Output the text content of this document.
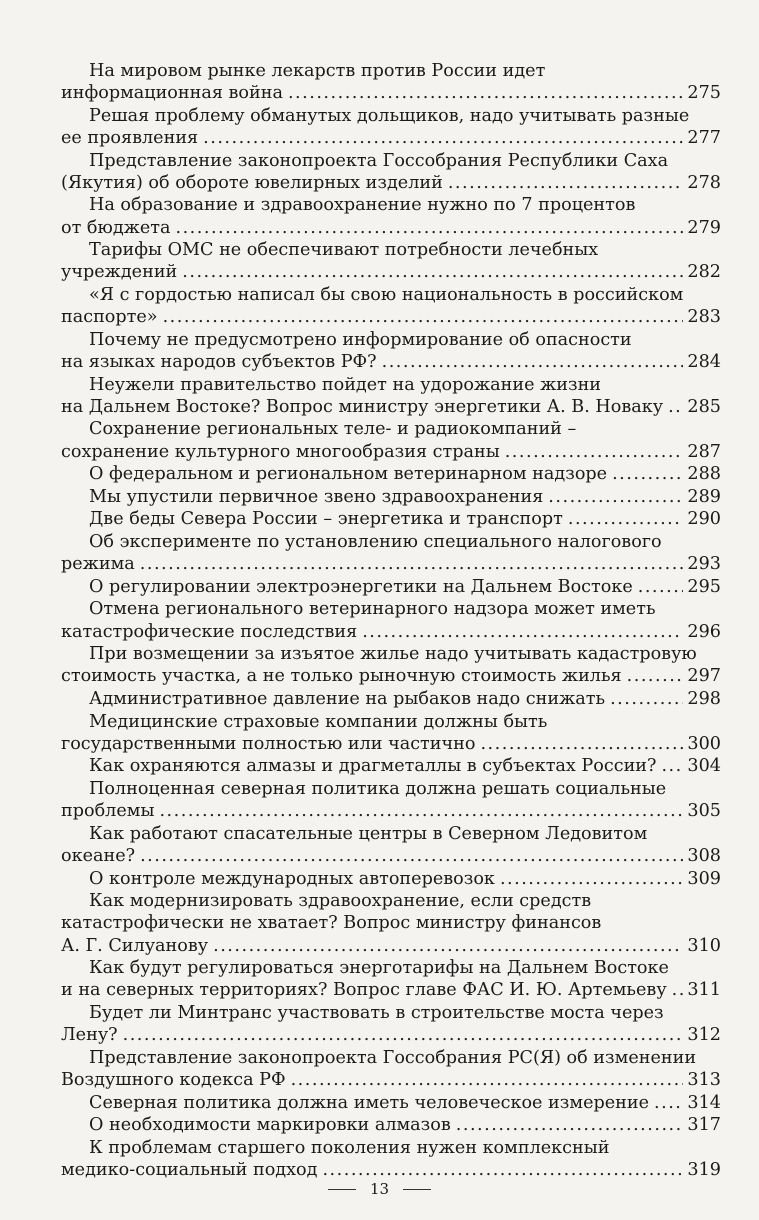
На мировом рынке лекарств против России идет
информационная война .....	275
Решая проблему обманутых дольщиков, надо учитывать разные
ее проявления .....	277
Представление законопроекта Госсобрания Республики Саха
(Якутия) об обороте ювелирных изделий .....	278
На образование и здравоохранение нужно по 7 процентов
от бюджета .....	279
Тарифы ОМС не обеспечивают потребности лечебных
учреждений .....	282
«Я с гордостью написал бы свою национальность в российском
паспорте» .....	283
Почему не предусмотрено информирование об опасности
на языках народов субъектов РФ? .....	284
Неужели правительство пойдет на удорожание жизни
на Дальнем Востоке? Вопрос министру энергетики А. В. Новаку ..... 285
Сохранение региональных теле- и радиокомпаний –
сохранение культурного многообразия страны .....	287
О федеральном и региональном ветеринарном надзоре .....	288
Мы упустили первичное звено здравоохранения .....	289
Две беды Севера России – энергетика и транспорт .....	290
Об эксперименте по установлению специального налогового
режима .....	293
О регулировании электроэнергетики на Дальнем Востоке .....	295
Отмена регионального ветеринарного надзора может иметь
катастрофические последствия .....	296
При возмещении за изъятое жилье надо учитывать кадастровую
стоимость участка, а не только рыночную стоимость жилья .....	297
Административное давление на рыбаков надо снижать .....	298
Медицинские страховые компании должны быть
государственными полностью или частично .....	300
Как охраняются алмазы и драгметаллы в субъектах России? ..... 304
Полноценная северная политика должна решать социальные
проблемы .....	305
Как работают спасательные центры в Северном Ледовитом
океане? .....	308
О контроле международных автоперевозок .....	309
Как модернизировать здравоохранение, если средств
катастрофически не хватает? Вопрос министру финансов
А. Г. Силуанову .....	310
Как будут регулироваться энерготарифы на Дальнем Востоке
и на северных территориях? Вопрос главе ФАС И. Ю. Артемьеву ..... 311
Будет ли Минтранс участвовать в строительстве моста через
Лену? .....	312
Представление законопроекта Госсобрания РС(Я) об изменении
Воздушного кодекса РФ .....	313
Северная политика должна иметь человеческое измерение ..... 314
О необходимости маркировки алмазов .....	317
К проблемам старшего поколения нужен комплексный
медико-социальный подход .....	319
13
